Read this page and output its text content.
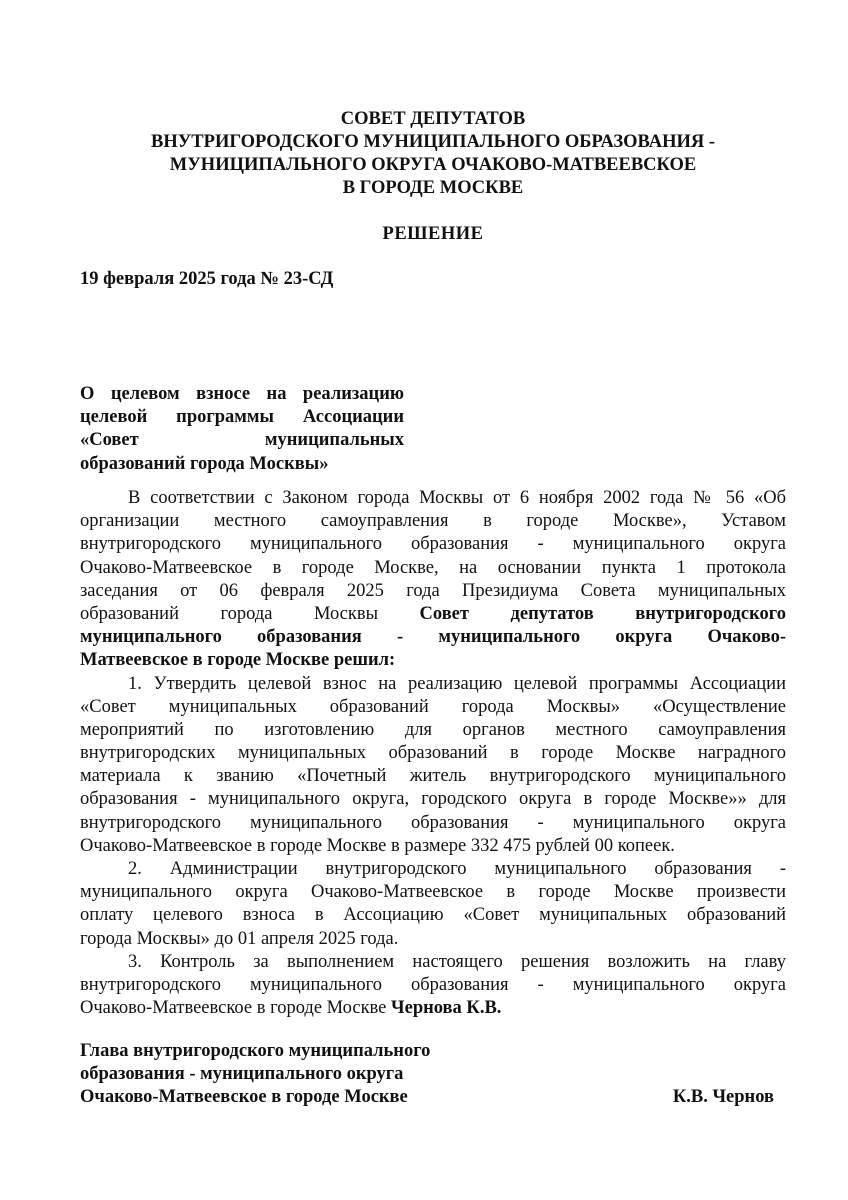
СОВЕТ ДЕПУТАТОВ
ВНУТРИГОРОДСКОГО МУНИЦИПАЛЬНОГО ОБРАЗОВАНИЯ -
МУНИЦИПАЛЬНОГО ОКРУГА ОЧАКОВО-МАТВЕЕВСКОЕ
В ГОРОДЕ МОСКВЕ
РЕШЕНИЕ
19 февраля 2025 года № 23-СД
О целевом взносе на реализацию
целевой программы Ассоциации
«Совет муниципальных
образований города Москвы»
В соответствии с Законом города Москвы от 6 ноября 2002 года № 56 «Об
организации местного самоуправления в городе Москве», Уставом
внутригородского муниципального образования - муниципального округа
Очаково-Матвеевское в городе Москве, на основании пункта 1 протокола
заседания от 06 февраля 2025 года Президиума Совета муниципальных
образований города Москвы Совет депутатов внутригородского
муниципального образования - муниципального округа Очаково-
Матвеевское в городе Москве решил:
1. Утвердить целевой взнос на реализацию целевой программы Ассоциации
«Совет муниципальных образований города Москвы» «Осуществление
мероприятий по изготовлению для органов местного самоуправления
внутригородских муниципальных образований в городе Москве наградного
материала к званию «Почетный житель внутригородского муниципального
образования - муниципального округа, городского округа в городе Москве»» для
внутригородского муниципального образования - муниципального округа
Очаково-Матвеевское в городе Москве в размере 332 475 рублей 00 копеек.
2. Администрации внутригородского муниципального образования -
муниципального округа Очаково-Матвеевское в городе Москве произвести
оплату целевого взноса в Ассоциацию «Совет муниципальных образований
города Москвы» до 01 апреля 2025 года.
3. Контроль за выполнением настоящего решения возложить на главу
внутригородского муниципального образования - муниципального округа
Очаково-Матвеевское в городе Москве Чернова К.В.
Глава внутригородского муниципального
образования - муниципального округа
Очаково-Матвеевское в городе Москве	К.В. Чернов
